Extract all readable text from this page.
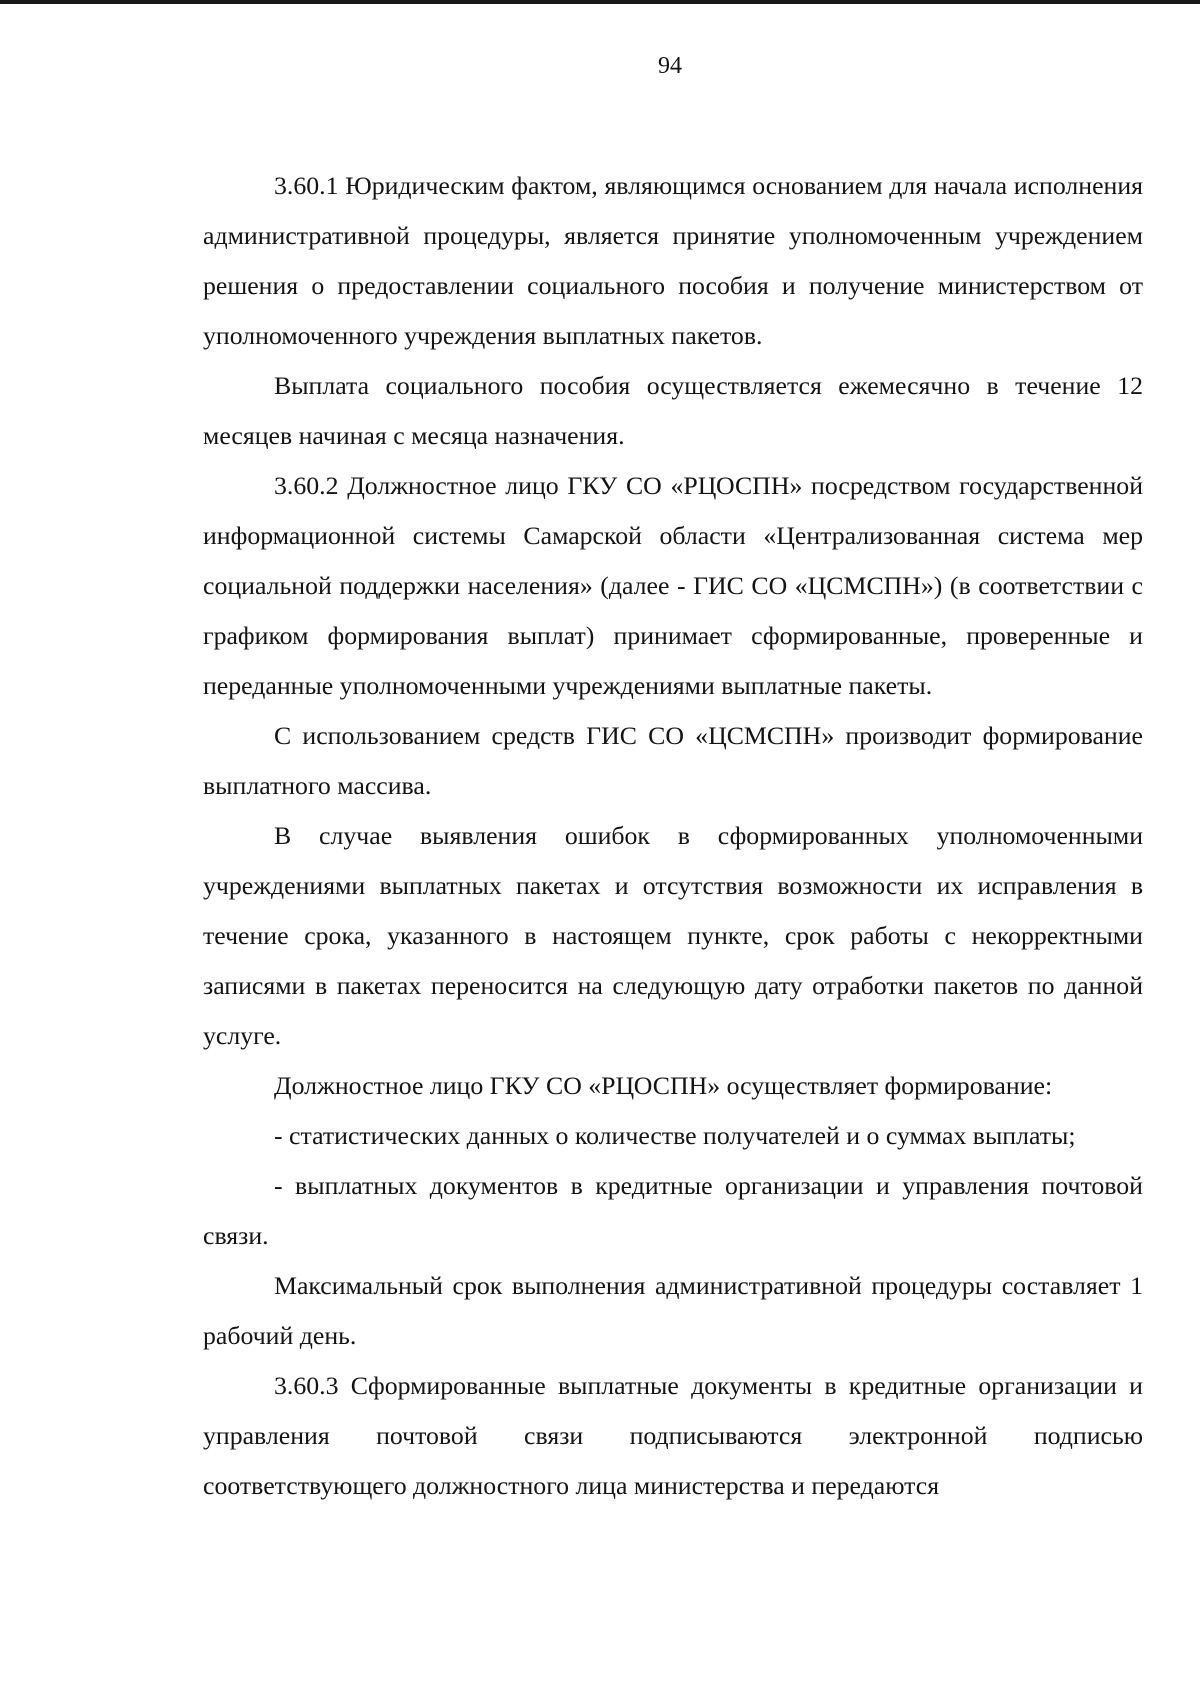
94

3.60.1 Юридическим фактом, являющимся основанием для начала исполнения административной процедуры, является принятие уполномоченным учреждением решения о предоставлении социального пособия и получение министерством от уполномоченного учреждения выплатных пакетов.

Выплата социального пособия осуществляется ежемесячно в течение 12 месяцев начиная с месяца назначения.

3.60.2 Должностное лицо ГКУ СО «РЦОСПН» посредством государственной информационной системы Самарской области «Централизованная система мер социальной поддержки населения» (далее - ГИС СО «ЦСМСПН») (в соответствии с графиком формирования выплат) принимает сформированные, проверенные и переданные уполномоченными учреждениями выплатные пакеты.

С использованием средств ГИС СО «ЦСМСПН» производит формирование выплатного массива.

В случае выявления ошибок в сформированных уполномоченными учреждениями выплатных пакетах и отсутствия возможности их исправления в течение срока, указанного в настоящем пункте, срок работы с некорректными записями в пакетах переносится на следующую дату отработки пакетов по данной услуге.

Должностное лицо ГКУ СО «РЦОСПН» осуществляет формирование:

- статистических данных о количестве получателей и о суммах выплаты;

- выплатных документов в кредитные организации и управления почтовой связи.

Максимальный срок выполнения административной процедуры составляет 1 рабочий день.

3.60.3 Сформированные выплатные документы в кредитные организации и управления почтовой связи подписываются электронной подписью соответствующего должностного лица министерства и передаются
